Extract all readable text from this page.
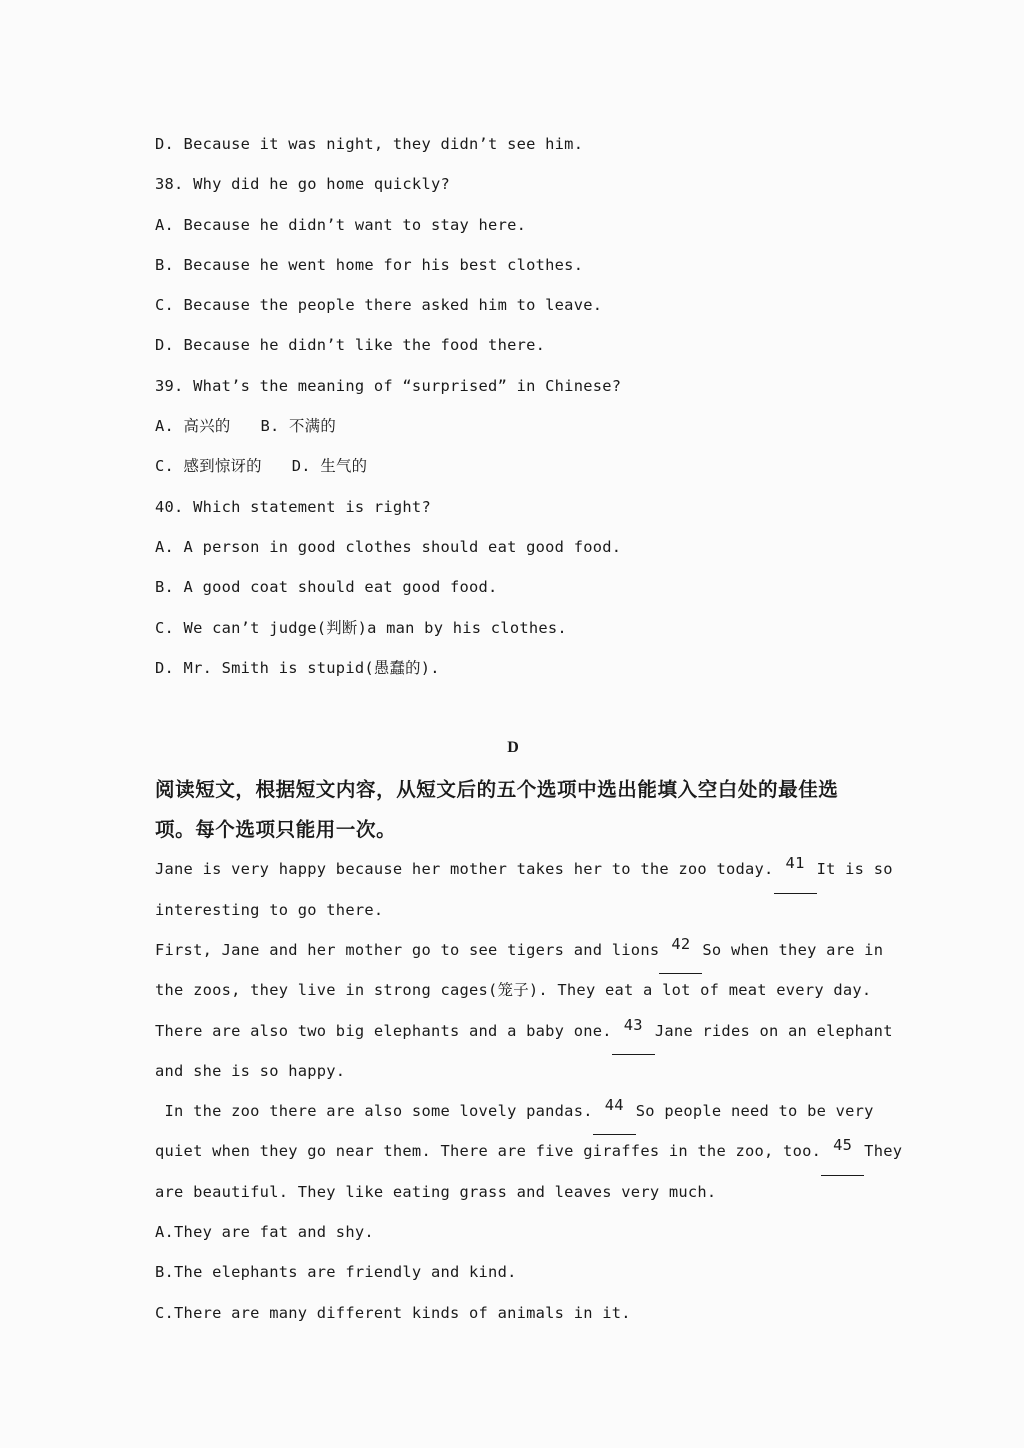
D. Because it was night, they didn’t see him.
38. Why did he go home quickly?
A. Because he didn’t want to stay here.
B. Because he went home for his best clothes.
C. Because the people there asked him to leave.
D. Because he didn’t like the food there.
39. What’s the meaning of “surprised” in Chinese?
A. 高兴的 B. 不满的
C. 感到惊讶的 D. 生气的
40. Which statement is right?
A. A person in good clothes should eat good food.
B. A good coat should eat good food.
C. We can’t judge(判断)a man by his clothes.
D. Mr. Smith is stupid(愚蠢的).
D
阅读短文，根据短文内容，从短文后的五个选项中选出能填入空白处的最佳选
项。每个选项只能用一次。
Jane is very happy because her mother takes her to the zoo today. 41 It is so
interesting to go there.
First, Jane and her mother go to see tigers and lions 42 So when they are in
the zoos, they live in strong cages(笼子). They eat a lot of meat every day.
There are also two big elephants and a baby one. 43 Jane rides on an elephant
and she is so happy.
In the zoo there are also some lovely pandas. 44 So people need to be very
quiet when they go near them. There are five giraffes in the zoo, too. 45 They
are beautiful. They like eating grass and leaves very much.
A.They are fat and shy.
B.The elephants are friendly and kind.
C.There are many different kinds of animals in it.
